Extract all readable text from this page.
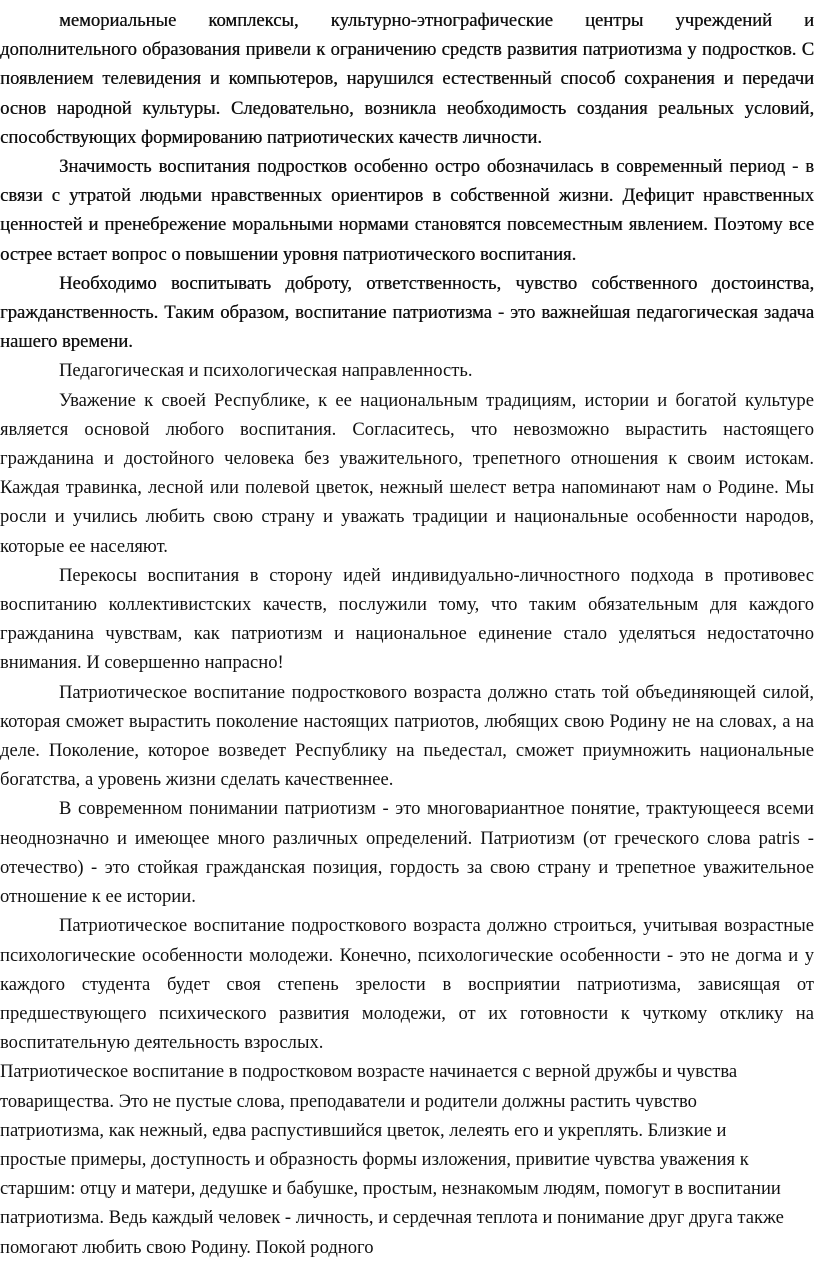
мемориальные комплексы, культурно-этнографические центры учреждений и дополнительного образования привели к ограничению средств развития патриотизма у подростков. С появлением телевидения и компьютеров, нарушился естественный способ сохранения и передачи основ народной культуры. Следовательно, возникла необходимость создания реальных условий, способствующих формированию патриотических качеств личности.

Значимость воспитания подростков особенно остро обозначилась в современный период - в связи с утратой людьми нравственных ориентиров в собственной жизни. Дефицит нравственных ценностей и пренебрежение моральными нормами становятся повсеместным явлением. Поэтому все острее встает вопрос о повышении уровня патриотического воспитания.

Необходимо воспитывать доброту, ответственность, чувство собственного достоинства, гражданственность. Таким образом, воспитание патриотизма - это важнейшая педагогическая задача нашего времени.

Педагогическая и психологическая направленность.

Уважение к своей Республике, к ее национальным традициям, истории и богатой культуре является основой любого воспитания. Согласитесь, что невозможно вырастить настоящего гражданина и достойного человека без уважительного, трепетного отношения к своим истокам. Каждая травинка, лесной или полевой цветок, нежный шелест ветра напоминают нам о Родине. Мы росли и учились любить свою страну и уважать традиции и национальные особенности народов, которые ее населяют.

Перекосы воспитания в сторону идей индивидуально-личностного подхода в противовес воспитанию коллективистских качеств, послужили тому, что таким обязательным для каждого гражданина чувствам, как патриотизм и национальное единение стало уделяться недостаточно внимания. И совершенно напрасно!

Патриотическое воспитание подросткового возраста должно стать той объединяющей силой, которая сможет вырастить поколение настоящих патриотов, любящих свою Родину не на словах, а на деле. Поколение, которое возведет Республику на пьедестал, сможет приумножить национальные богатства, а уровень жизни сделать качественнее.

В современном понимании патриотизм - это многовариантное понятие, трактующееся всеми неоднозначно и имеющее много различных определений. Патриотизм (от греческого слова patris - отечество) - это стойкая гражданская позиция, гордость за свою страну и трепетное уважительное отношение к ее истории.

Патриотическое воспитание подросткового возраста должно строиться, учитывая возрастные психологические особенности молодежи. Конечно, психологические особенности - это не догма и у каждого студента будет своя степень зрелости в восприятии патриотизма, зависящая от предшествующего психического развития молодежи, от их готовности к чуткому отклику на воспитательную деятельность взрослых.

Патриотическое воспитание в подростковом возрасте начинается с верной дружбы и чувства товарищества. Это не пустые слова, преподаватели и родители должны растить чувство патриотизма, как нежный, едва распустившийся цветок, лелеять его и укреплять. Близкие и простые примеры, доступность и образность формы изложения, привитие чувства уважения к старшим: отцу и матери, дедушке и бабушке, простым, незнакомым людям, помогут в воспитании патриотизма. Ведь каждый человек - личность, и сердечная теплота и понимание друг друга также помогают любить свою Родину. Покой родного
